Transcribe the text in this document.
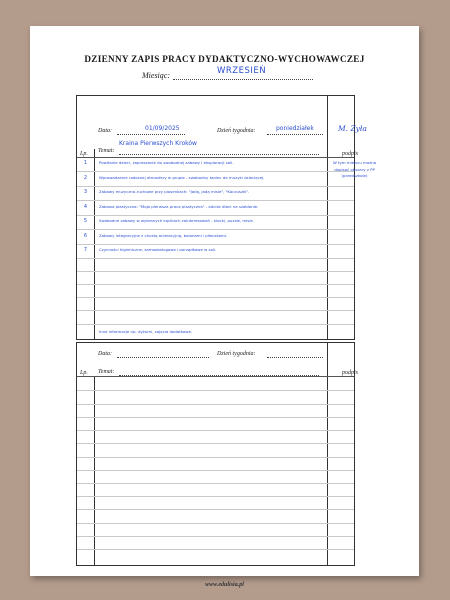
DZIENNY ZAPIS PRACY DYDAKTYCZNO-WYCHOWAWCZEJ
Miesiąc:	WRZESIEŃ
Data:	01/09/2025	Dzień tygodnia:	poniedziałek	M. Zyła
Lp. Temat:
Kraina Pierwszych Kroków
podpis
1	Powitanie dzieci, zapraszanie do swobodnej zabawy i eksploracji sali.
2	Wprowadzanie radosnej atmosfery w grupie - swobodny taniec do muzyki dziecięcej.
3	Zabawy muzyczno-ruchowe przy piosenkach: "Jadą, jadą misie", "Kaczuszki".
4	Zabawa plastyczna: "Moja pierwsza praca plastyczna" - odcisk dłoni na szablonie.
5	Swobodne zabawy w wybranych kącikach zainteresowań - klocki, puzzle, misie.
6	Zabawy integracyjne z chustą animacyjną, balonami i piłeczkami.
7	Czynności higieniczne, samoobsługowe i porządkowe w sali.
W tym miejscu można dopisać obszary z PP (przedszkole)
Inne informacje np. dyżurni, zajęcia dodatkowe.
Data:	Dzień tygodnia:
Lp. Temat:	podpis
www.edulisia.pl
